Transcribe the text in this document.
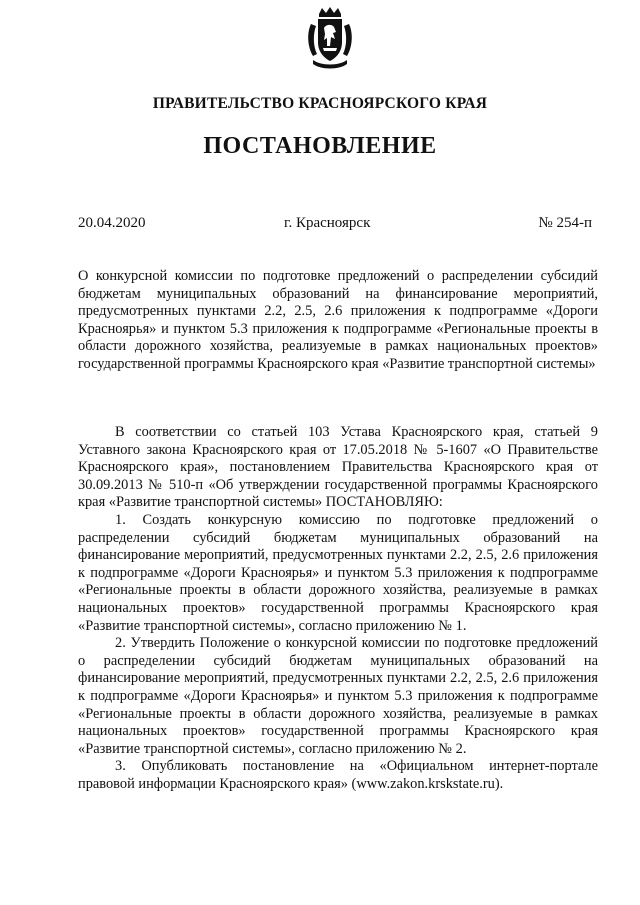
ПРАВИТЕЛЬСТВО КРАСНОЯРСКОГО КРАЯ
ПОСТАНОВЛЕНИЕ
20.04.2020	г. Красноярск	№ 254-п
О конкурсной комиссии по подготовке предложений о распределении субсидий бюджетам муниципальных образований на финансирование мероприятий, предусмотренных пунктами 2.2, 2.5, 2.6 приложения к подпрограмме «Дороги Красноярья» и пунктом 5.3 приложения к подпрограмме «Региональные проекты в области дорожного хозяйства, реализуемые в рамках национальных проектов» государственной программы Красноярского края «Развитие транспортной системы»

В соответствии со статьей 103 Устава Красноярского края, статьей 9 Уставного закона Красноярского края от 17.05.2018 № 5-1607 «О Правительстве Красноярского края», постановлением Правительства Красноярского края от 30.09.2013 № 510-п «Об утверждении государственной программы Красноярского края «Развитие транспортной системы» ПОСТАНОВЛЯЮ:

1. Создать конкурсную комиссию по подготовке предложений о распределении субсидий бюджетам муниципальных образований на финансирование мероприятий, предусмотренных пунктами 2.2, 2.5, 2.6 приложения к подпрограмме «Дороги Красноярья» и пунктом 5.3 приложения к подпрограмме «Региональные проекты в области дорожного хозяйства, реализуемые в рамках национальных проектов» государственной программы Красноярского края «Развитие транспортной системы», согласно приложению № 1.

2. Утвердить Положение о конкурсной комиссии по подготовке предложений о распределении субсидий бюджетам муниципальных образований на финансирование мероприятий, предусмотренных пунктами 2.2, 2.5, 2.6 приложения к подпрограмме «Дороги Красноярья» и пунктом 5.3 приложения к подпрограмме «Региональные проекты в области дорожного хозяйства, реализуемые в рамках национальных проектов» государственной программы Красноярского края «Развитие транспортной системы», согласно приложению № 2.

3. Опубликовать постановление на «Официальном интернет-портале правовой информации Красноярского края» (www.zakon.krskstate.ru).
